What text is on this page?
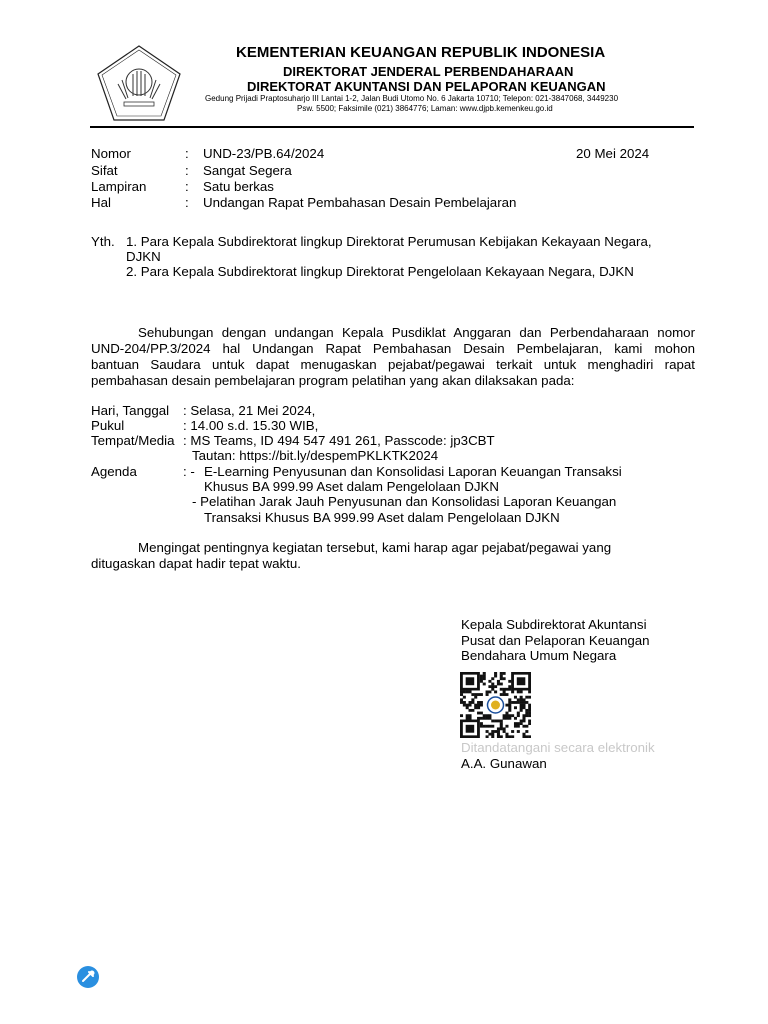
KEMENTERIAN KEUANGAN REPUBLIK INDONESIA
DIREKTORAT JENDERAL PERBENDAHARAAN
DIREKTORAT AKUNTANSI DAN PELAPORAN KEUANGAN
Gedung Prijadi Praptosuharjo III Lantai 1-2, Jalan Budi Utomo No. 6 Jakarta 10710; Telepon: 021-3847068, 3449230
Psw. 5500; Faksimile (021) 3864776; Laman: www.djpb.kemenkeu.go.id
Nomor	: UND-23/PB.64/2024	20 Mei 2024
Sifat	: Sangat Segera
Lampiran	: Satu berkas
Hal	: Undangan Rapat Pembahasan Desain Pembelajaran
Yth. 1. Para Kepala Subdirektorat lingkup Direktorat Perumusan Kebijakan Kekayaan Negara,
DJKN
2. Para Kepala Subdirektorat lingkup Direktorat Pengelolaan Kekayaan Negara, DJKN
Sehubungan dengan undangan Kepala Pusdiklat Anggaran dan Perbendaharaan nomor
UND-204/PP.3/2024 hal Undangan Rapat Pembahasan Desain Pembelajaran, kami mohon
bantuan Saudara untuk dapat menugaskan pejabat/pegawai terkait untuk menghadiri rapat
pembahasan desain pembelajaran program pelatihan yang akan dilaksakan pada:
Hari, Tanggal : Selasa, 21 Mei 2024,
Pukul	: 14.00 s.d. 15.30 WIB,
Tempat/Media : MS Teams, ID 494 547 491 261, Passcode: jp3CBT
Tautan: https://bit.ly/despemPKLKTK2024
Agenda	: - E-Learning Penyusunan dan Konsolidasi Laporan Keuangan Transaksi
Khusus BA 999.99 Aset dalam Pengelolaan DJKN
- Pelatihan Jarak Jauh Penyusunan dan Konsolidasi Laporan Keuangan
Transaksi Khusus BA 999.99 Aset dalam Pengelolaan DJKN
Mengingat pentingnya kegiatan tersebut, kami harap agar pejabat/pegawai yang
ditugaskan dapat hadir tepat waktu.
Kepala Subdirektorat Akuntansi
Pusat dan Pelaporan Keuangan
Bendahara Umum Negara
Ditandatangani secara elektronik
A.A. Gunawan
